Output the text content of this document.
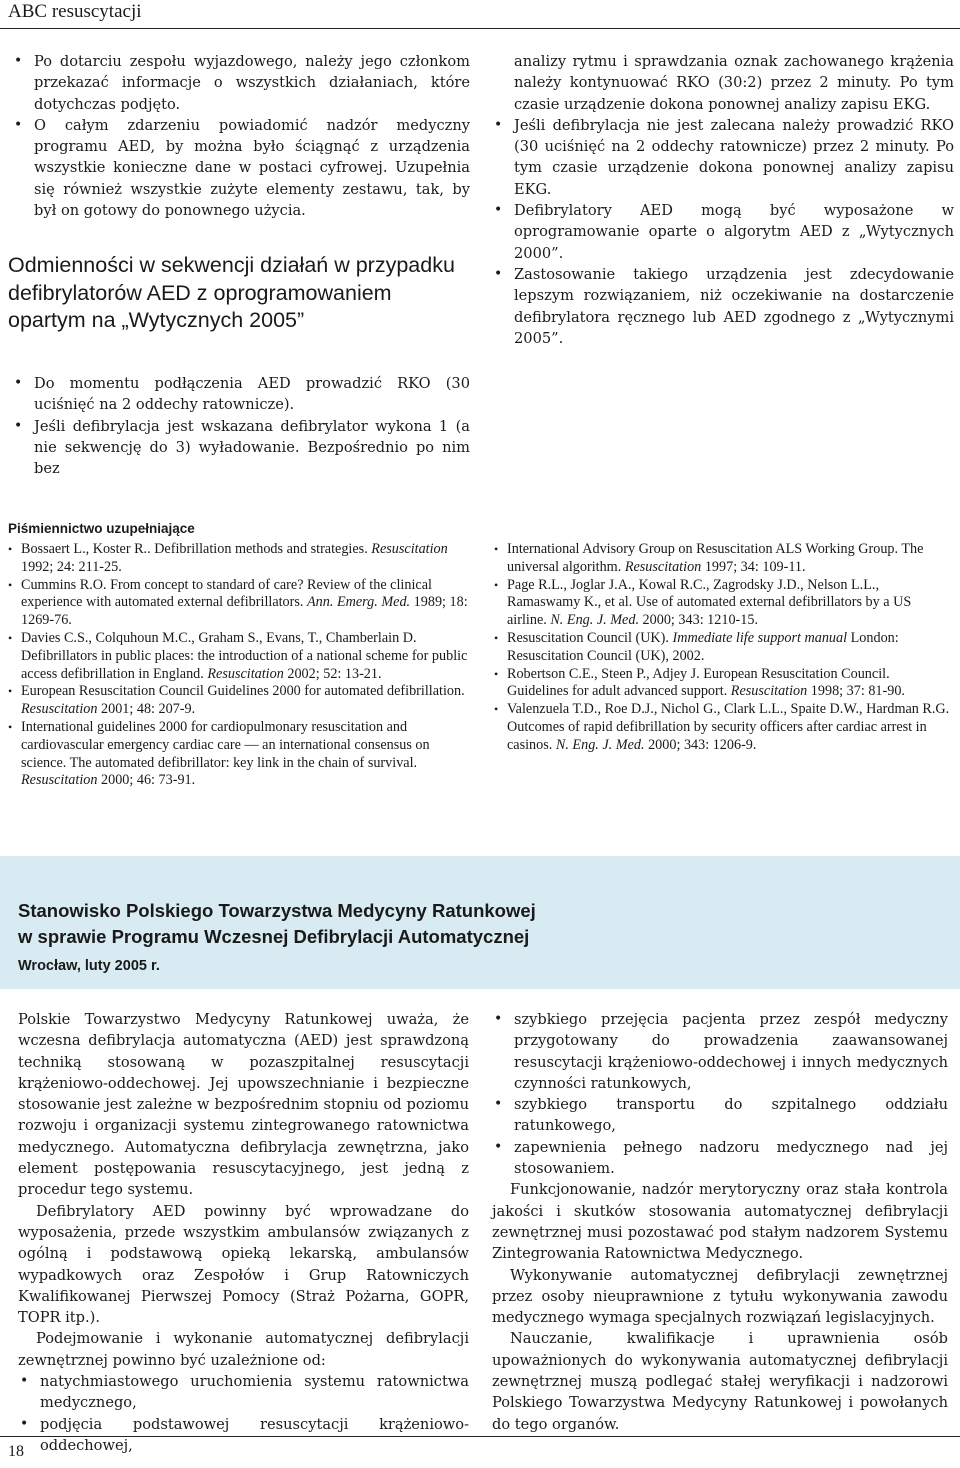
ABC resuscytacji
• Po dotarciu zespołu wyjazdowego, należy jego członkom przekazać informacje o wszystkich działaniach, które dotychczas podjęto.
• O całym zdarzeniu powiadomić nadzór medyczny programu AED, by można było ściągnąć z urządzenia wszystkie konieczne dane w postaci cyfrowej. Uzupełnia się również wszystkie zużyte elementy zestawu, tak, by był on gotowy do ponownego użycia.
Odmienności w sekwencji działań w przypadku defibrylatorów AED z oprogramowaniem opartym na „Wytycznych 2005”
• Do momentu podłączenia AED prowadzić RKO (30 uciśnięć na 2 oddechy ratownicze).
• Jeśli defibrylacja jest wskazana defibrylator wykona 1 (a nie sekwencję do 3) wyładowanie. Bezpośrednio po nim bez

analizy rytmu i sprawdzania oznak zachowanego krążenia należy kontynuować RKO (30:2) przez 2 minuty. Po tym czasie urządzenie dokona ponownej analizy zapisu EKG.

• Jeśli defibrylacja nie jest zalecana należy prowadzić RKO (30 uciśnięć na 2 oddechy ratownicze) przez 2 minuty. Po tym czasie urządzenie dokona ponownej analizy zapisu EKG.
• Defibrylatory AED mogą być wyposażone w oprogramowanie oparte o algorytm AED z „Wytycznych 2000”.
• Zastosowanie takiego urządzenia jest zdecydowanie lepszym rozwiązaniem, niż oczekiwanie na dostarczenie defibrylatora ręcznego lub AED zgodnego z „Wytycznymi 2005”.
Piśmiennictwo uzupełniające
• Bossaert L., Koster R.. Defibrillation methods and strategies. Resuscitation 1992; 24: 211-25.
• Cummins R.O. From concept to standard of care? Review of the clinical experience with automated external defibrillators. Ann. Emerg. Med. 1989; 18: 1269-76.
• Davies C.S., Colquhoun M.C., Graham S., Evans, T., Chamberlain D. Defibrillators in public places: the introduction of a national scheme for public access defibrillation in England. Resuscitation 2002; 52: 13-21.
• European Resuscitation Council Guidelines 2000 for automated defibrillation. Resuscitation 2001; 48: 207-9.
• International guidelines 2000 for cardiopulmonary resuscitation and cardiovascular emergency cardiac care — an international consensus on science. The automated defibrillator: key link in the chain of survival. Resuscitation 2000; 46: 73-91.
• International Advisory Group on Resuscitation ALS Working Group. The universal algorithm. Resuscitation 1997; 34: 109-11.
• Page R.L., Joglar J.A., Kowal R.C., Zagrodsky J.D., Nelson L.L., Ramaswamy K., et al. Use of automated external defibrillators by a US airline. N. Eng. J. Med. 2000; 343: 1210-15.
• Resuscitation Council (UK). Immediate life support manual London: Resuscitation Council (UK), 2002.
• Robertson C.E., Steen P., Adjey J. European Resuscitation Council. Guidelines for adult advanced support. Resuscitation 1998; 37: 81-90.
• Valenzuela T.D., Roe D.J., Nichol G., Clark L.L., Spaite D.W., Hardman R.G. Outcomes of rapid defibrillation by security officers after cardiac arrest in casinos. N. Eng. J. Med. 2000; 343: 1206-9.
Stanowisko Polskiego Towarzystwa Medycyny Ratunkowej
w sprawie Programu Wczesnej Defibrylacji Automatycznej
Wrocław, luty 2005 r.

Polskie Towarzystwo Medycyny Ratunkowej uważa, że wczesna defibrylacja automatyczna (AED) jest sprawdzoną techniką stosowaną w pozaszpitalnej resuscytacji krążeniowo-oddechowej. Jej upowszechnianie i bezpieczne stosowanie jest zależne w bezpośrednim stopniu od poziomu rozwoju i organizacji systemu zintegrowanego ratownictwa medycznego. Automatyczna defibrylacja zewnętrzna, jako element postępowania resuscytacyjnego, jest jedną z procedur tego systemu.

Defibrylatory AED powinny być wprowadzane do wyposażenia, przede wszystkim ambulansów związanych z ogólną i podstawową opieką lekarską, ambulansów wypadkowych oraz Zespołów i Grup Ratowniczych Kwalifikowanej Pierwszej Pomocy (Straż Pożarna, GOPR, TOPR itp.).

Podejmowanie i wykonanie automatycznej defibrylacji zewnętrznej powinno być uzależnione od:

• natychmiastowego uruchomienia systemu ratownictwa medycznego,
• podjęcia podstawowej resuscytacji krążeniowo-oddechowej,
• szybkiego przejęcia pacjenta przez zespół medyczny przygotowany do prowadzenia zaawansowanej resuscytacji krążeniowo-oddechowej i innych medycznych czynności ratunkowych,
• szybkiego transportu do szpitalnego oddziału ratunkowego,
• zapewnienia pełnego nadzoru medycznego nad jej stosowaniem.

Funkcjonowanie, nadzór merytoryczny oraz stała kontrola jakości i skutków stosowania automatycznej defibrylacji zewnętrznej musi pozostawać pod stałym nadzorem Systemu Zintegrowania Ratownictwa Medycznego.

Wykonywanie automatycznej defibrylacji zewnętrznej przez osoby nieuprawnione z tytułu wykonywania zawodu medycznego wymaga specjalnych rozwiązań legislacyjnych.

Nauczanie, kwalifikacje i uprawnienia osób upoważnionych do wykonywania automatycznej defibrylacji zewnętrznej muszą podlegać stałej weryfikacji i nadzorowi Polskiego Towarzystwa Medycyny Ratunkowej i powołanych do tego organów.

18
